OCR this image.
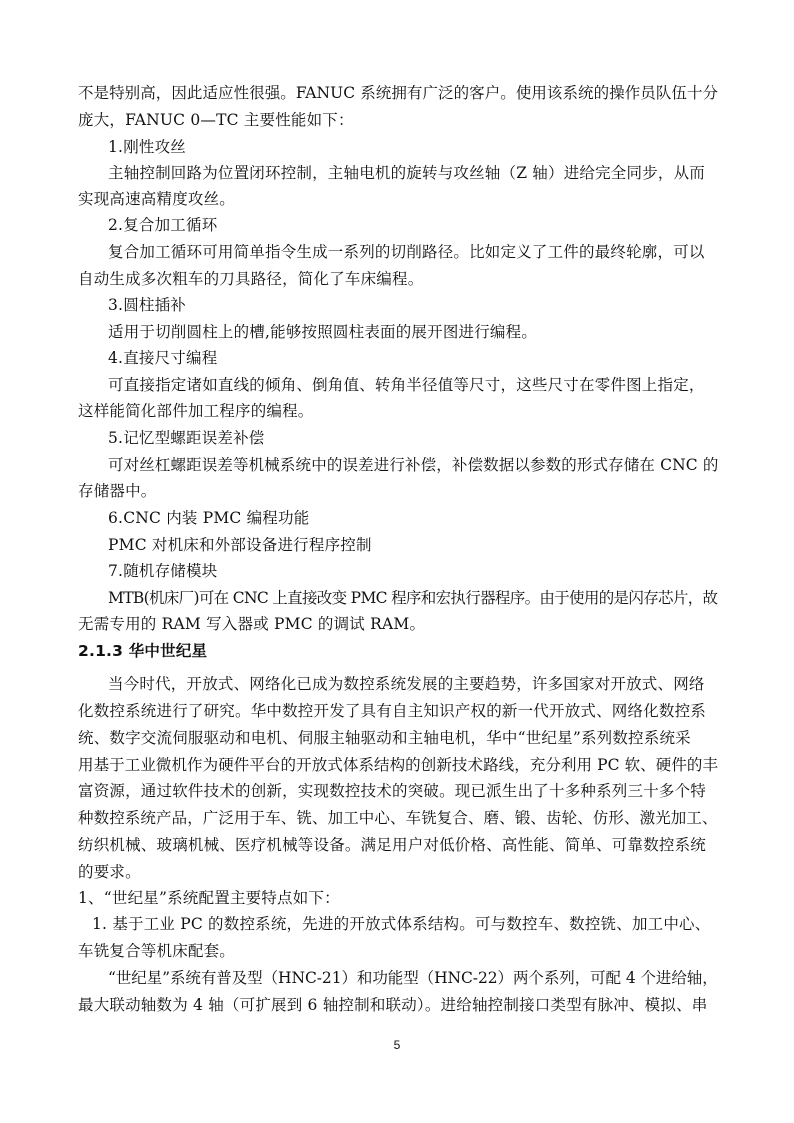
不是特别高，因此适应性很强。FANUC 系统拥有广泛的客户。使用该系统的操作员队伍十分
庞大，FANUC 0—TC 主要性能如下：
1.刚性攻丝
主轴控制回路为位置闭环控制，主轴电机的旋转与攻丝轴（Z 轴）进给完全同步，从而
实现高速高精度攻丝。
2.复合加工循环
复合加工循环可用简单指令生成一系列的切削路径。比如定义了工件的最终轮廓，可以
自动生成多次粗车的刀具路径，简化了车床编程。
3.圆柱插补
适用于切削圆柱上的槽,能够按照圆柱表面的展开图进行编程。
4.直接尺寸编程
可直接指定诸如直线的倾角、倒角值、转角半径值等尺寸，这些尺寸在零件图上指定，
这样能简化部件加工程序的编程。
5.记忆型螺距误差补偿
可对丝杠螺距误差等机械系统中的误差进行补偿，补偿数据以参数的形式存储在 CNC 的
存储器中。
6.CNC 内装 PMC 编程功能
PMC 对机床和外部设备进行程序控制
7.随机存储模块
MTB(机床厂)可在 CNC 上直接改变 PMC 程序和宏执行器程序。由于使用的是闪存芯片，故
无需专用的 RAM 写入器或 PMC 的调试 RAM。
2.1.3 华中世纪星
当今时代，开放式、网络化已成为数控系统发展的主要趋势，许多国家对开放式、网络
化数控系统进行了研究。华中数控开发了具有自主知识产权的新一代开放式、网络化数控系
统、数字交流伺服驱动和电机、伺服主轴驱动和主轴电机，华中“世纪星”系列数控系统采
用基于工业微机作为硬件平台的开放式体系结构的创新技术路线，充分利用 PC 软、硬件的丰
富资源，通过软件技术的创新，实现数控技术的突破。现已派生出了十多种系列三十多个特
种数控系统产品，广泛用于车、铣、加工中心、车铣复合、磨、锻、齿轮、仿形、激光加工、
纺织机械、玻璃机械、医疗机械等设备。满足用户对低价格、高性能、简单、可靠数控系统
的要求。
1、“世纪星”系统配置主要特点如下：
1. 基于工业 PC 的数控系统，先进的开放式体系结构。可与数控车、数控铣、加工中心、
车铣复合等机床配套。
“世纪星”系统有普及型（HNC-21）和功能型（HNC-22）两个系列，可配 4 个进给轴，
最大联动轴数为 4 轴（可扩展到 6 轴控制和联动）。进给轴控制接口类型有脉冲、模拟、串
5
